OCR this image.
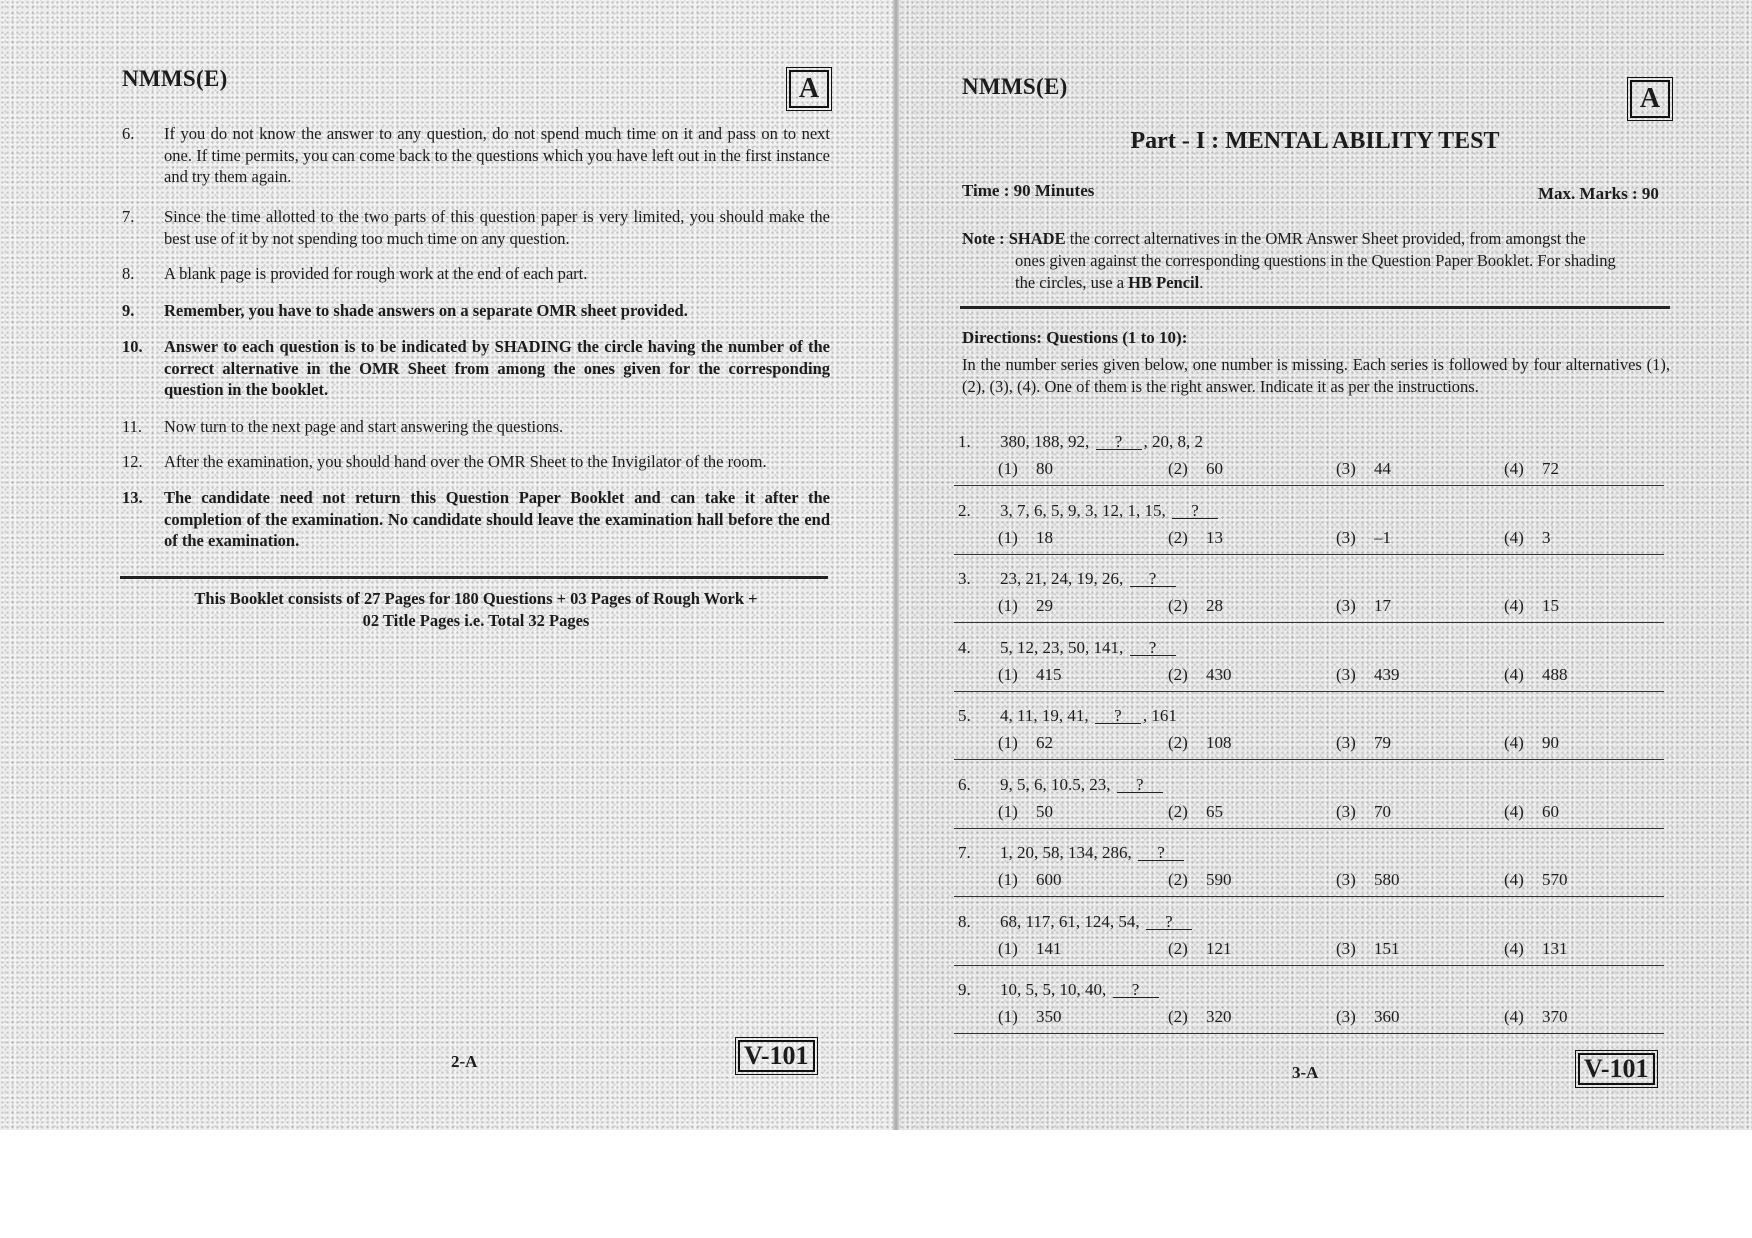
NMMS(E)	A
6.	If you do not know the answer to any question, do not spend much time on it and pass on to next one. If time permits, you can come back to the questions which you have left out in the first instance and try them again.
7.	Since the time allotted to the two parts of this question paper is very limited, you should make the best use of it by not spending too much time on any question.
8.	A blank page is provided for rough work at the end of each part.
9.	Remember, you have to shade answers on a separate OMR sheet provided.
10.	Answer to each question is to be indicated by SHADING the circle having the number of the correct alternative in the OMR Sheet from among the ones given for the corresponding question in the booklet.
11.	Now turn to the next page and start answering the questions.
12.	After the examination, you should hand over the OMR Sheet to the Invigilator of the room.
13.	The candidate need not return this Question Paper Booklet and can take it after the completion of the examination. No candidate should leave the examination hall before the end of the examination.
This Booklet consists of 27 Pages for 180 Questions + 03 Pages of Rough Work +
02 Title Pages i.e. Total 32 Pages
2-A	V-101
NMMS(E)	A
Part - I : MENTAL ABILITY TEST
Time : 90 Minutes	Max. Marks : 90
Note : SHADE the correct alternatives in the OMR Answer Sheet provided, from amongst the
ones given against the corresponding questions in the Question Paper Booklet. For shading
the circles, use a HB Pencil.
Directions: Questions (1 to 10):
In the number series given below, one number is missing. Each series is followed by four alternatives (1), (2), (3), (4). One of them is the right answer. Indicate it as per the instructions.
1. 380, 188, 92, ? , 20, 8, 2
(1) 80	(2) 60	(3) 44	(4) 72
2. 3, 7, 6, 5, 9, 3, 12, 1, 15, ?
(1) 18	(2) 13	(3) –1	(4) 3
3. 23, 21, 24, 19, 26, ?
(1) 29	(2) 28	(3) 17	(4) 15
4. 5, 12, 23, 50, 141, ?
(1) 415	(2) 430	(3) 439	(4) 488
5. 4, 11, 19, 41, ? , 161
(1) 62	(2) 108	(3) 79	(4) 90
6. 9, 5, 6, 10.5, 23, ?
(1) 50	(2) 65	(3) 70	(4) 60
7. 1, 20, 58, 134, 286, ?
(1) 600	(2) 590	(3) 580	(4) 570
8. 68, 117, 61, 124, 54, ?
(1) 141	(2) 121	(3) 151	(4) 131
9. 10, 5, 5, 10, 40, ?
(1) 350	(2) 320	(3) 360	(4) 370
3-A	V-101
